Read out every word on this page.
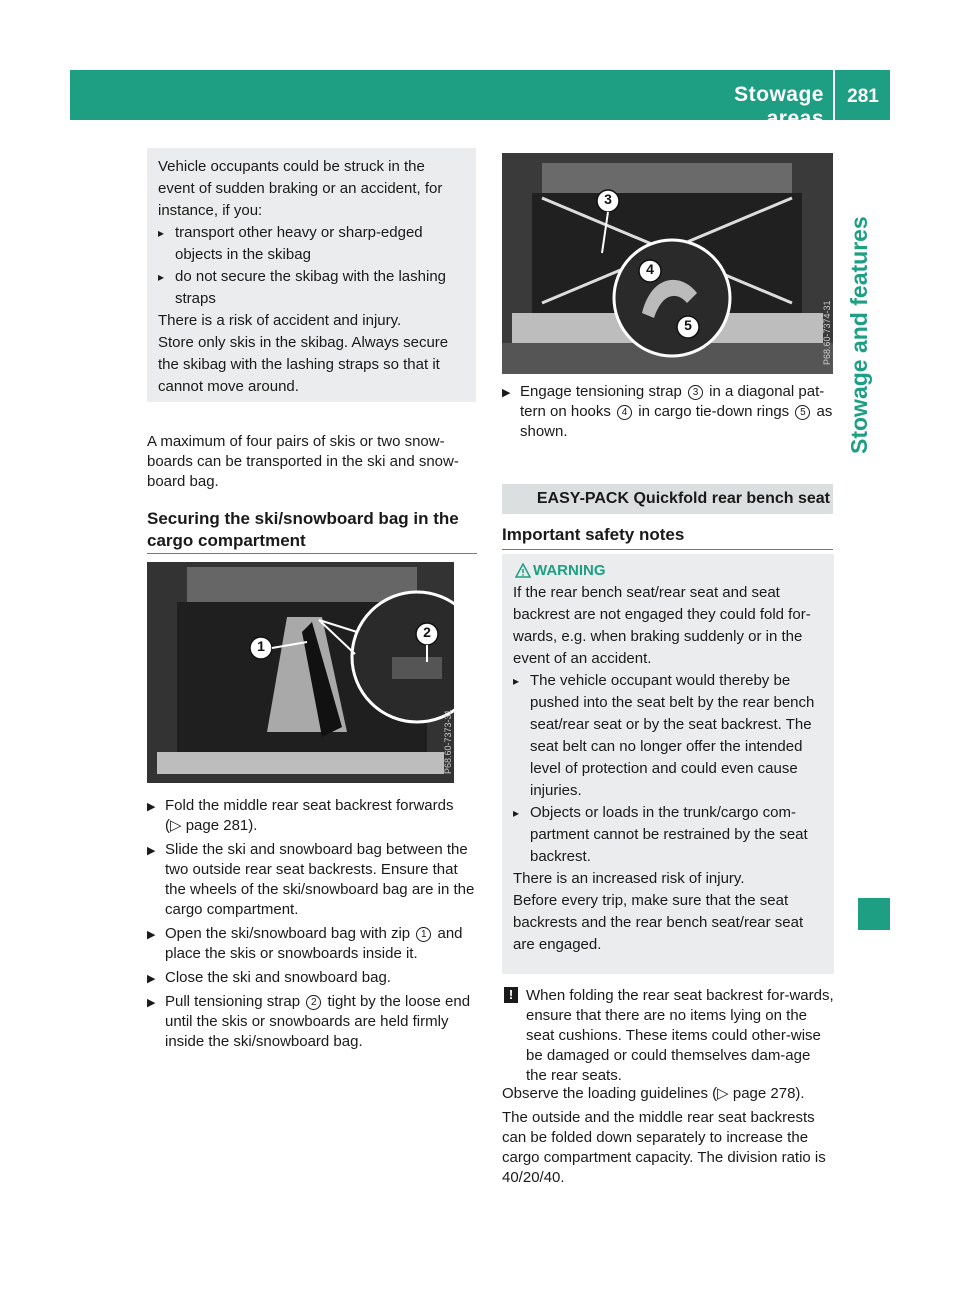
Stowage areas
281
Stowage and features
Vehicle occupants could be struck in the event of sudden braking or an accident, for instance, if you:
▸ transport other heavy or sharp-edged objects in the skibag
▸ do not secure the skibag with the lashing straps
There is a risk of accident and injury.
Store only skis in the skibag. Always secure the skibag with the lashing straps so that it cannot move around.
A maximum of four pairs of skis or two snow-boards can be transported in the ski and snow-board bag.
Securing the ski/snowboard bag in the cargo compartment
1
2
P68.60-7373-31
▶ Fold the middle rear seat backrest forwards
(▷ page 281).
▶ Slide the ski and snowboard bag between the two outside rear seat backrests. Ensure that the wheels of the ski/snowboard bag are in the cargo compartment.
▶ Open the ski/snowboard bag with zip 1 and place the skis or snowboards inside it.
▶ Close the ski and snowboard bag.
▶ Pull tensioning strap 2 tight by the loose end until the skis or snowboards are held firmly inside the ski/snowboard bag.
3
4
5	P68.60-7374-31
▶ Engage tensioning strap 3 in a diagonal pat-tern on hooks 4 in cargo tie-down rings 5 as shown.
EASY-PACK Quickfold rear bench seat
Important safety notes
WARNING
If the rear bench seat/rear seat and seat backrest are not engaged they could fold for-wards, e.g. when braking suddenly or in the event of an accident.
▸ The vehicle occupant would thereby be pushed into the seat belt by the rear bench seat/rear seat or by the seat backrest. The seat belt can no longer offer the intended level of protection and could even cause injuries.
▸ Objects or loads in the trunk/cargo com-partment cannot be restrained by the seat backrest.
There is an increased risk of injury.
Before every trip, make sure that the seat backrests and the rear bench seat/rear seat are engaged.
! When folding the rear seat backrest for-wards, ensure that there are no items lying on the seat cushions. These items could other-wise be damaged or could themselves dam-age the rear seats.
Observe the loading guidelines (▷ page 278).
The outside and the middle rear seat backrests can be folded down separately to increase the cargo compartment capacity. The division ratio is 40/20/40.
